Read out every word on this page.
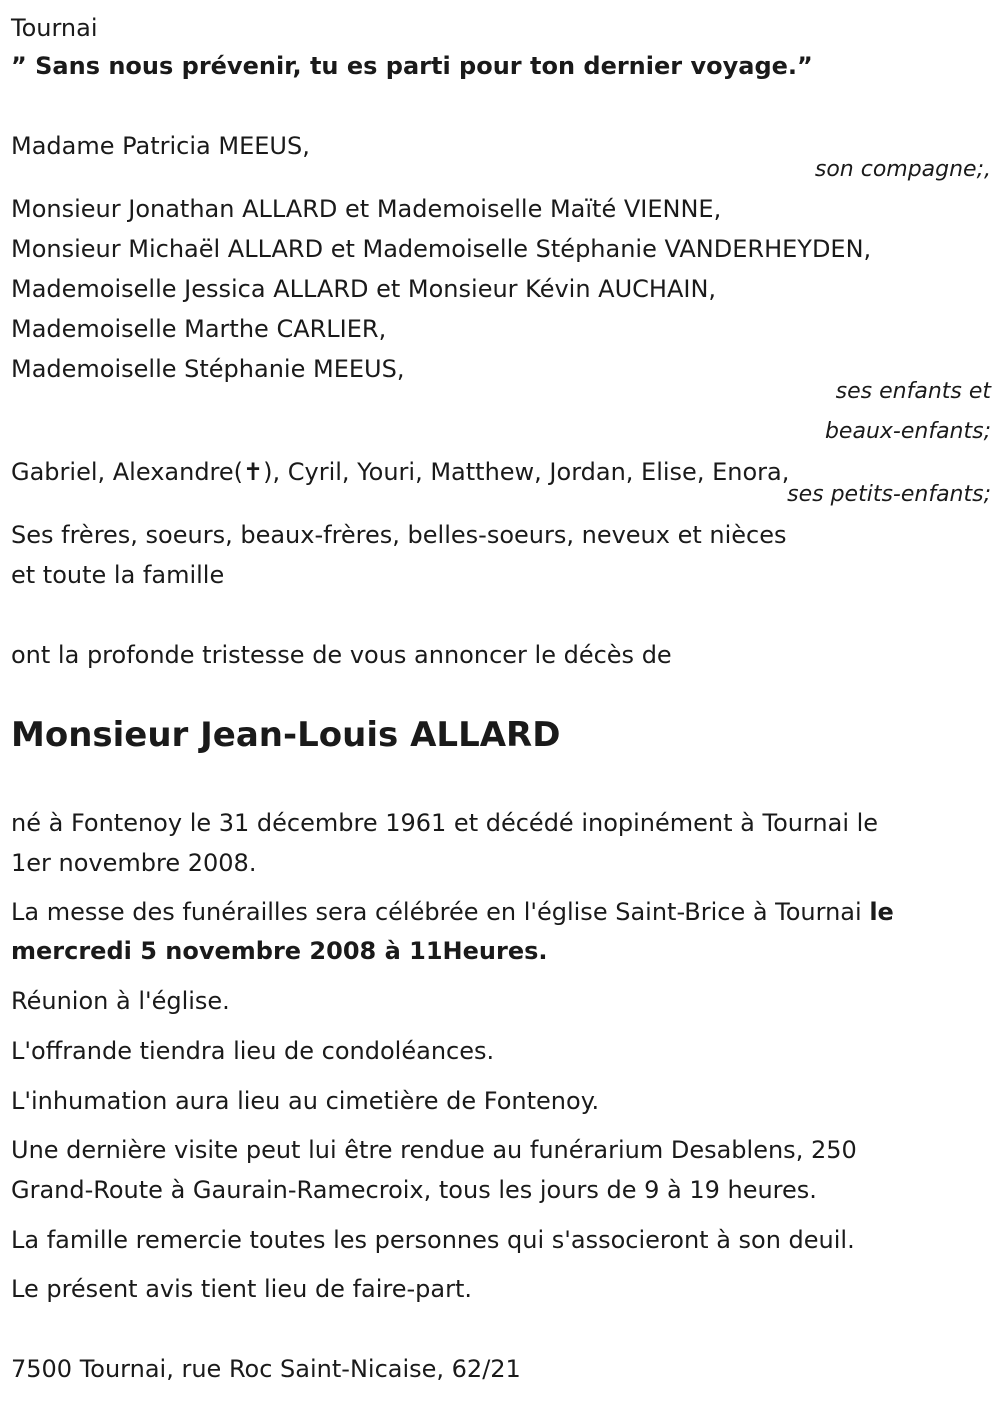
Tournai
” Sans nous prévenir, tu es parti pour ton dernier voyage.”
Madame Patricia MEEUS,
son compagne;,
Monsieur Jonathan ALLARD et Mademoiselle Maïté VIENNE,
Monsieur Michaël ALLARD et Mademoiselle Stéphanie VANDERHEYDEN,
Mademoiselle Jessica ALLARD et Monsieur Kévin AUCHAIN,
Mademoiselle Marthe CARLIER,
Mademoiselle Stéphanie MEEUS,
ses enfants et
beaux-enfants;
Gabriel, Alexandre(✝), Cyril, Youri, Matthew, Jordan, Elise, Enora,
ses petits-enfants;
Ses frères, soeurs, beaux-frères, belles-soeurs, neveux et nièces
et toute la famille
ont la profonde tristesse de vous annoncer le décès de
Monsieur Jean-Louis ALLARD
né à Fontenoy le 31 décembre 1961 et décédé inopinément à Tournai le
1er novembre 2008.
La messe des funérailles sera célébrée en l'église Saint-Brice à Tournai le
mercredi 5 novembre 2008 à 11Heures.
Réunion à l'église.
L'offrande tiendra lieu de condoléances.
L'inhumation aura lieu au cimetière de Fontenoy.
Une dernière visite peut lui être rendue au funérarium Desablens, 250
Grand-Route à Gaurain-Ramecroix, tous les jours de 9 à 19 heures.
La famille remercie toutes les personnes qui s'associeront à son deuil.
Le présent avis tient lieu de faire-part.
7500 Tournai, rue Roc Saint-Nicaise, 62/21
